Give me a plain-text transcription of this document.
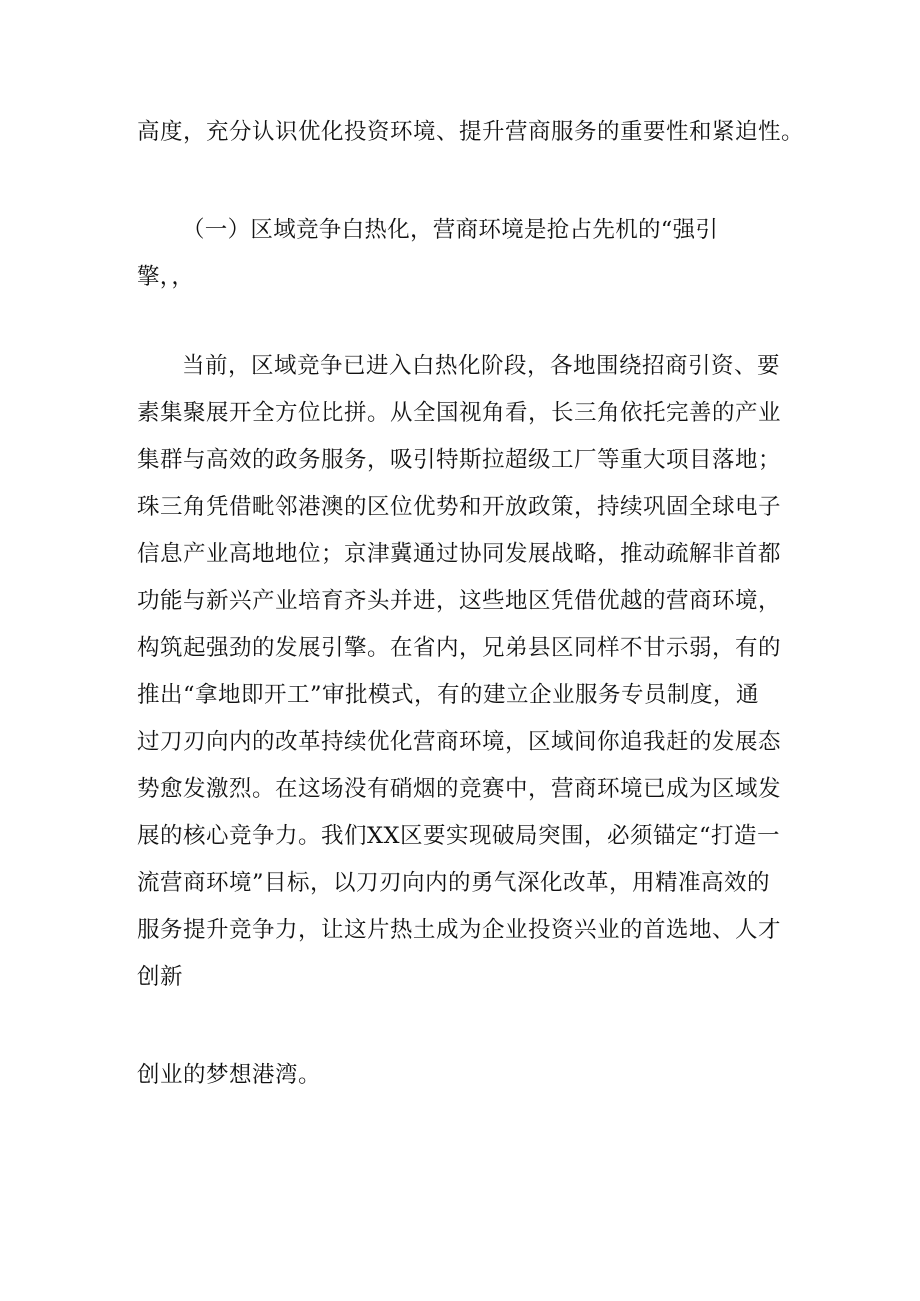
高度，充分认识优化投资环境、提升营商服务的重要性和紧迫性。
（一）区域竞争白热化，营商环境是抢占先机的“强引
擎，，
当前，区域竞争已进入白热化阶段，各地围绕招商引资、要
素集聚展开全方位比拼。从全国视角看，长三角依托完善的产业
集群与高效的政务服务，吸引特斯拉超级工厂等重大项目落地；
珠三角凭借毗邻港澳的区位优势和开放政策，持续巩固全球电子
信息产业高地地位；京津冀通过协同发展战略，推动疏解非首都
功能与新兴产业培育齐头并进，这些地区凭借优越的营商环境，
构筑起强劲的发展引擎。在省内，兄弟县区同样不甘示弱，有的
推出“拿地即开工”审批模式，有的建立企业服务专员制度，通
过刀刃向内的改革持续优化营商环境，区域间你追我赶的发展态
势愈发激烈。在这场没有硝烟的竞赛中，营商环境已成为区域发
展的核心竞争力。我们XX区要实现破局突围，必须锚定“打造一
流营商环境”目标，以刀刃向内的勇气深化改革，用精准高效的
服务提升竞争力，让这片热土成为企业投资兴业的首选地、人才
创新
创业的梦想港湾。
